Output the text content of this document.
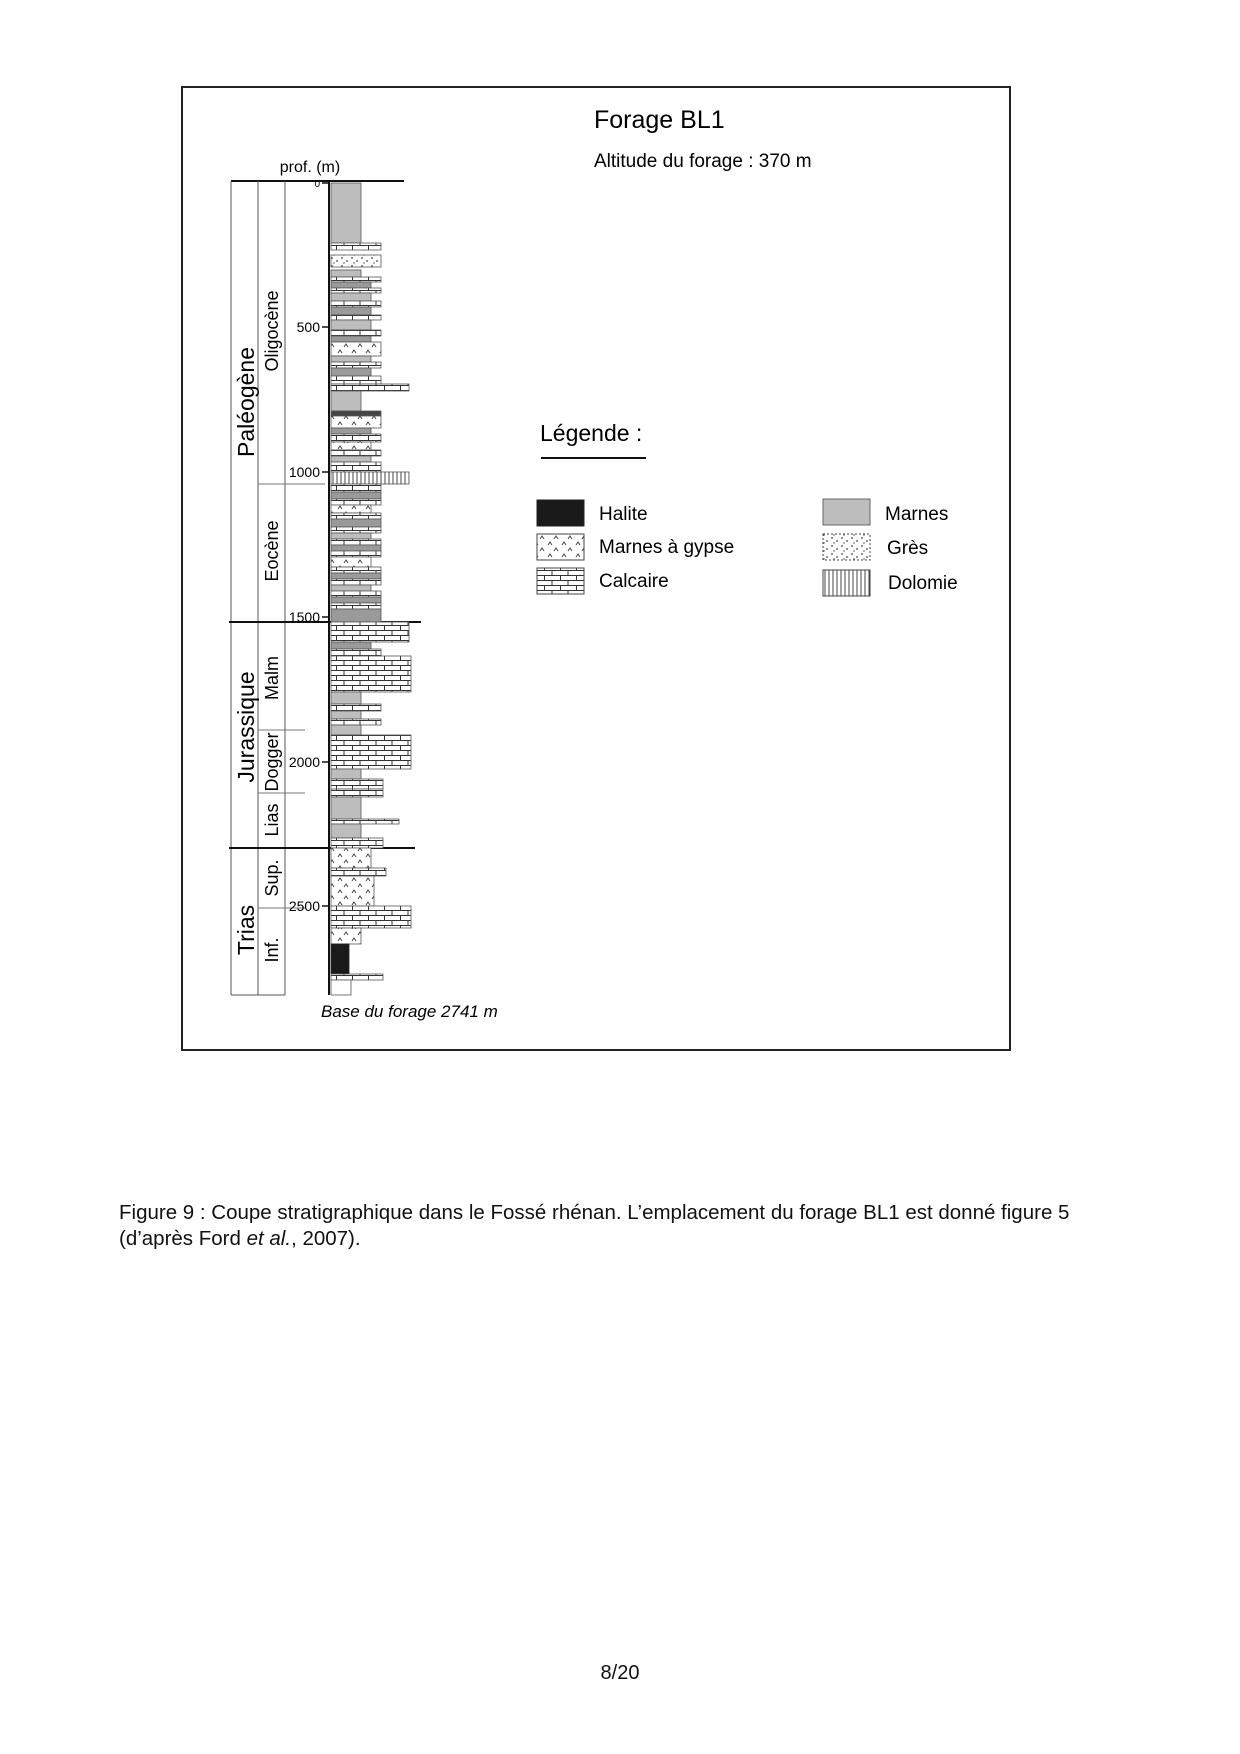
Forage BL1
Altitude du forage : 370 m
prof. (m)
Paléogène
Jurassique
Trias
Oligocène
Eocène
Malm
Dogger
Lias
Sup.
Inf.
0
500
1000
1500
2000
2500
Base du forage 2741 m
Légende :
Halite
Marnes à gypse
Calcaire
Marnes
Grès
Dolomie
Figure 9 : Coupe stratigraphique dans le Fossé rhénan. L’emplacement du forage BL1 est donné figure 5 (d’après Ford et al., 2007).
8/20
